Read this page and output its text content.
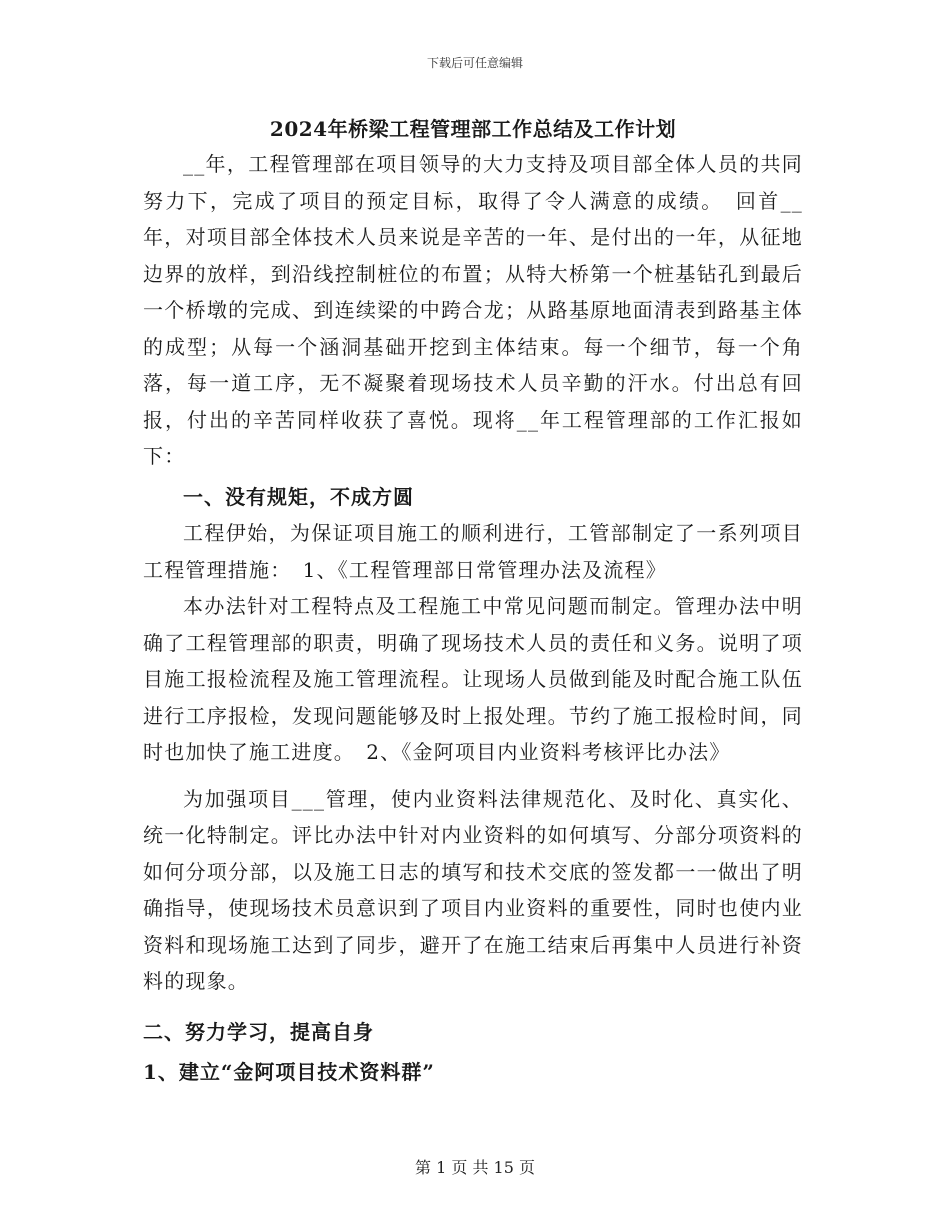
下载后可任意编辑
2024年桥梁工程管理部工作总结及工作计划

__年，工程管理部在项目领导的大力支持及项目部全体人员的共同努力下，完成了项目的预定目标，取得了令人满意的成绩。　回首__年，对项目部全体技术人员来说是辛苦的一年、是付出的一年，从征地边界的放样，到沿线控制桩位的布置；从特大桥第一个桩基钻孔到最后一个桥墩的完成、到连续梁的中跨合龙；从路基原地面清表到路基主体的成型；从每一个涵洞基础开挖到主体结束。每一个细节，每一个角落，每一道工序，无不凝聚着现场技术人员辛勤的汗水。付出总有回报，付出的辛苦同样收获了喜悦。现将__年工程管理部的工作汇报如下：

一、没有规矩，不成方圆

工程伊始，为保证项目施工的顺利进行，工管部制定了一系列项目工程管理措施：　1、《工程管理部日常管理办法及流程》

本办法针对工程特点及工程施工中常见问题而制定。管理办法中明确了工程管理部的职责，明确了现场技术人员的责任和义务。说明了项目施工报检流程及施工管理流程。让现场人员做到能及时配合施工队伍进行工序报检，发现问题能够及时上报处理。节约了施工报检时间，同时也加快了施工进度。　2、《金阿项目内业资料考核评比办法》

为加强项目___管理，使内业资料法律规范化、及时化、真实化、统一化特制定。评比办法中针对内业资料的如何填写、分部分项资料的如何分项分部，以及施工日志的填写和技术交底的签发都一一做出了明确指导，使现场技术员意识到了项目内业资料的重要性，同时也使内业资料和现场施工达到了同步，避开了在施工结束后再集中人员进行补资料的现象。

二、努力学习，提高自身
1、建立“金阿项目技术资料群”
第 1 页 共 15 页
